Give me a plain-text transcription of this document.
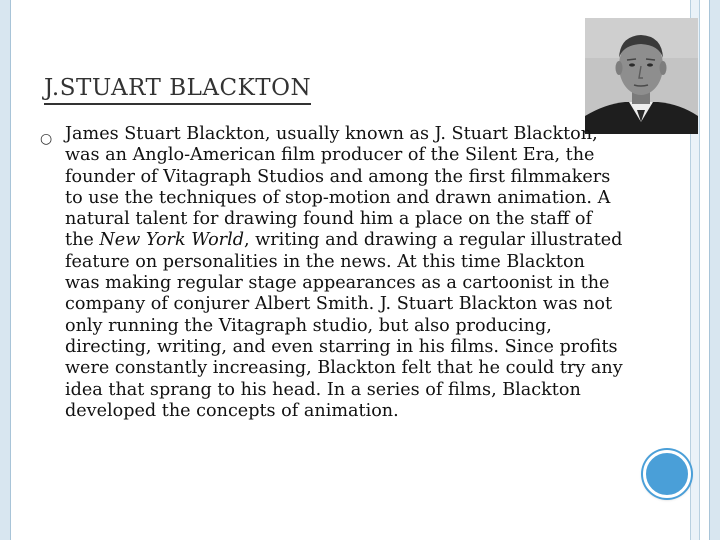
J.STUART BLACKTON
○ James Stuart Blackton, usually known as J. Stuart Blackton, was an Anglo-American film producer of the Silent Era, the founder of Vitagraph Studios and among the first filmmakers to use the techniques of stop-motion and drawn animation. A natural talent for drawing found him a place on the staff of the New York World, writing and drawing a regular illustrated feature on personalities in the news. At this time Blackton was making regular stage appearances as a cartoonist in the company of conjurer Albert Smith. J. Stuart Blackton was not only running the Vitagraph studio, but also producing, directing, writing, and even starring in his films. Since profits were constantly increasing, Blackton felt that he could try any idea that sprang to his head. In a series of films, Blackton developed the concepts of animation.
